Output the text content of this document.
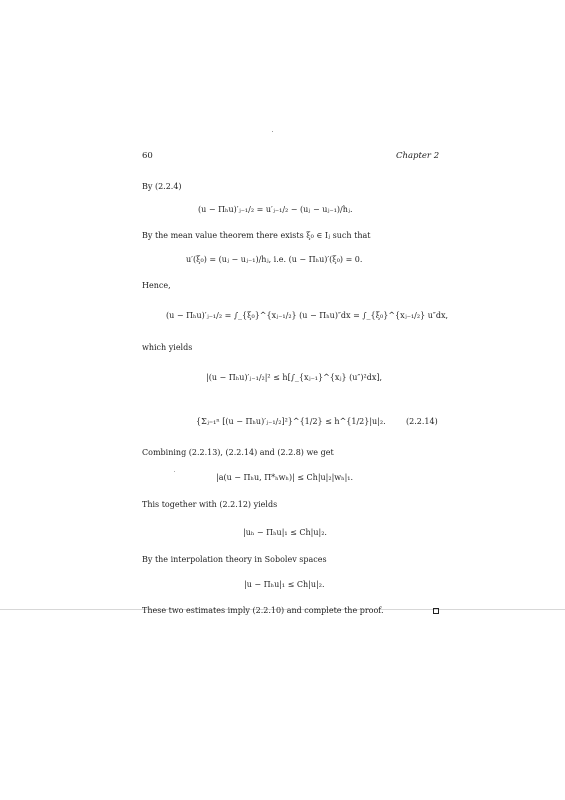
60	Chapter 2
By (2.2.4)
(u − Πₕu)′ⱼ₋₁/₂ = u′ⱼ₋₁/₂ − (uⱼ − uⱼ₋₁)/hⱼ.
By the mean value theorem there exists ξ₀ ∈ Iⱼ such that
u′(ξ₀) = (uⱼ − uⱼ₋₁)/hⱼ, i.e. (u − Πₕu)′(ξ₀) = 0.
Hence,
(u − Πₕu)′ⱼ₋₁/₂ = ∫_{ξ₀}^{xⱼ₋₁/₂} (u − Πₕu)″dx = ∫_{ξ₀}^{xⱼ₋₁/₂} u″dx,
which yields
|(u − Πₕu)′ⱼ₋₁/₂|² ≤ h[∫_{xⱼ₋₁}^{xⱼ} (u″)²dx],
{Σⱼ₌₁ⁿ [(u − Πₕu)′ⱼ₋₁/₂]²}^{1/2} ≤ h^{1/2}|u|₂.	(2.2.14)
Combining (2.2.13), (2.2.14) and (2.2.8) we get
|a(u − Πₕu, Π*ₕwₕ)| ≤ Ch|u|₂|wₕ|₁.
This together with (2.2.12) yields
|uₕ − Πₕu|₁ ≤ Ch|u|₂.
By the interpolation theory in Sobolev spaces
|u − Πₕu|₁ ≤ Ch|u|₂.
These two estimates imply (2.2.10) and complete the proof.
